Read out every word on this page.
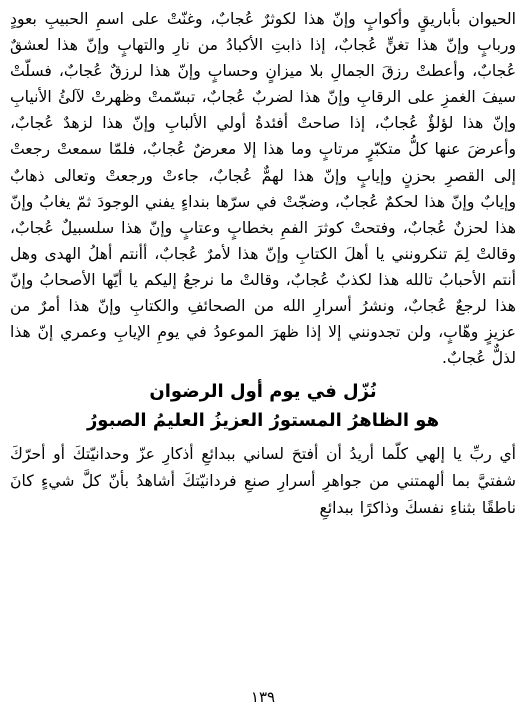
الحيوان بأباريقٍ وأكوابٍ وإنّ هذا لكوثرٌ عُجابٌ، وغنّتْ على اسمِ الحبيبِ بعودٍ وربابٍ وإنّ هذا تغنٍّ عُجابٌ، إذا ذابتِ الأكبادُ من نارِ والتهابٍ وإنّ هذا لعشقٌ عُجابٌ، وأعطتْ رزقَ الجمالِ بلا ميزانٍ وحسابٍ وإنّ هذا لرزقٌ عُجابٌ، فسلّتْ سيفَ الغمزِ على الرقابِ وإنّ هذا لضربٌ عُجابٌ، تبسّمتْ وظهرتْ لآلئُ الأنيابِ وإنّ هذا لؤلؤٌ عُجابٌ، إذا صاحتْ أفئدةُ أولي الألبابِ وإنّ هذا لزهدٌ عُجابٌ، وأعرضَ عنها كلُّ متكبّرٍ مرتابٍ وما هذا إلا معرضٌ عُجابٌ، فلمّا سمعتْ رجعتْ إلى القصرِ بحزنٍ وإيابٍ وإنّ هذا لهمٌّ عُجابٌ، جاءتْ ورجعتْ وتعالى ذهابٌ وإيابٌ وإنّ هذا لحكمٌ عُجابٌ، وضجّتْ في سرّها بنداءٍ يفني الوجودَ ثمّ يغابُ وإنّ هذا لحزنٌ عُجابٌ، وفتحتْ كوثرَ الفمِ بخطابٍ وعتابٍ وإنّ هذا سلسبيلٌ عُجابٌ، وقالتْ لِمَ تنكرونني يا أهلَ الكتابِ وإنّ هذا لأمرٌ عُجابٌ، أأنتم أهلُ الهدى وهل أنتم الأحبابُ تالله هذا لكذبٌ عُجابٌ، وقالتْ ما نرجعُ إليكم يا أيّها الأصحابُ وإنّ هذا لرجعٌ عُجابٌ، ونشرُ أسرارِ الله من الصحائفِ والكتابِ وإنّ هذا أمرٌ من عزيزٍ وهّابٍ، ولن تجدونني إلا إذا ظهرَ الموعودُ في يومِ الإيابِ وعمري إنّ هذا لذلٌّ عُجابٌ.

نُزّل في يوم أول الرضوان

هو الظاهرُ المستورُ العزيزُ العليمُ الصبورُ

أي ربِّ يا إلهي كلّما أريدُ أن أفتحَ لساني ببدائعِ أذكارِ عزّ وحدانيّتكَ أو أحرّكَ شفتيَّ بما ألهمتني من جواهرِ أسرارِ صنعِ فردانيّتكَ أشاهدُ بأنّ كلَّ شيءٍ كانَ ناطقًا بثناءِ نفسكَ وذاكرًا ببدائعِ

١٣٩
